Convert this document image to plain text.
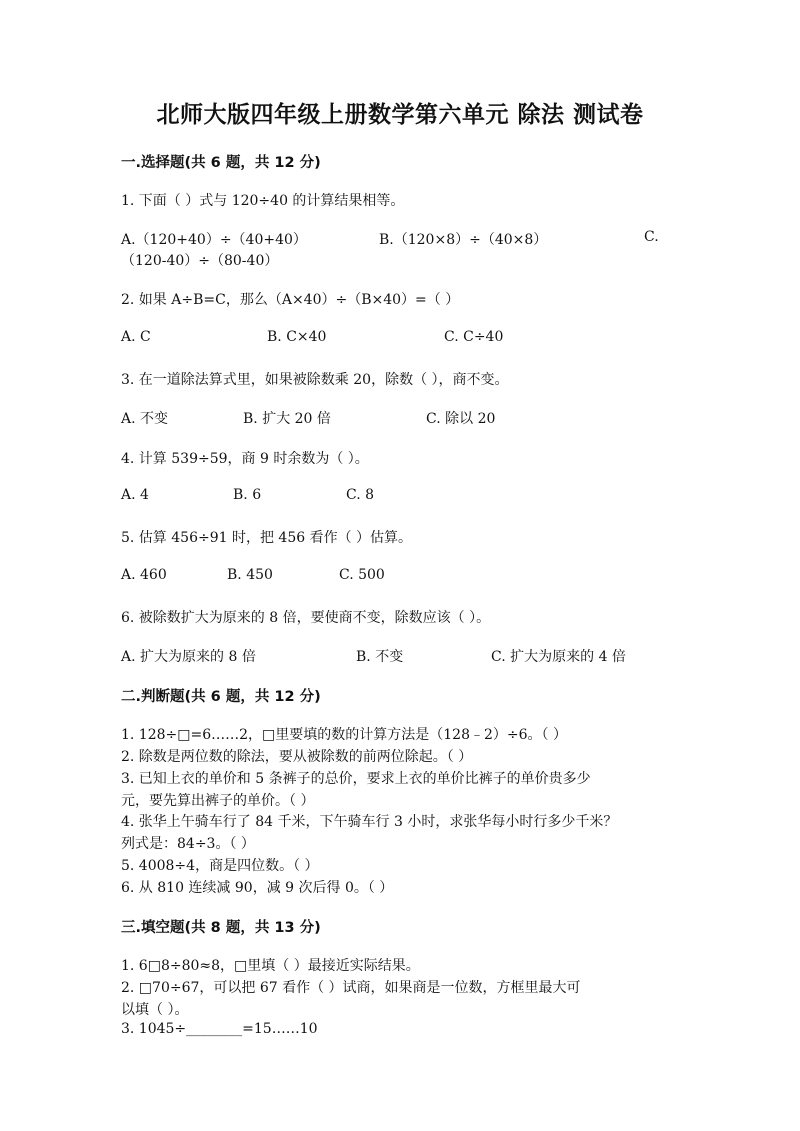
北师大版四年级上册数学第六单元 除法 测试卷
一.选择题(共 6 题，共 12 分)
1. 下面（ ）式与 120÷40 的计算结果相等。
A.（120+40）÷（40+40）	B.（120×8）÷（40×8）	C.
（120-40）÷（80-40）
2. 如果 A÷B=C，那么（A×40）÷（B×40）=（ ）
A. C	B. C×40	C. C÷40
3. 在一道除法算式里，如果被除数乘 20，除数（ ），商不变。
A. 不变	B. 扩大 20 倍	C. 除以 20
4. 计算 539÷59，商 9 时余数为（ ）。
A. 4	B. 6	C. 8
5. 估算 456÷91 时，把 456 看作（ ）估算。
A. 460	B. 450	C. 500
6. 被除数扩大为原来的 8 倍，要使商不变，除数应该（ ）。
A. 扩大为原来的 8 倍	B. 不变	C. 扩大为原来的 4 倍
二.判断题(共 6 题，共 12 分)
1. 128÷□=6……2，□里要填的数的计算方法是（128﹣2）÷6。（ ）
2. 除数是两位数的除法，要从被除数的前两位除起。（ ）
3. 已知上衣的单价和 5 条裤子的总价，要求上衣的单价比裤子的单价贵多少
元，要先算出裤子的单价。（ ）
4. 张华上午骑车行了 84 千米，下午骑车行 3 小时，求张华每小时行多少千米？
列式是：84÷3。（ ）
5. 4008÷4，商是四位数。（ ）
6. 从 810 连续减 90，减 9 次后得 0。（ ）
三.填空题(共 8 题，共 13 分)
1. 6□8÷80≈8，□里填（ ）最接近实际结果。
2. □70÷67，可以把 67 看作（ ）试商，如果商是一位数，方框里最大可
以填（ ）。
3. 1045÷________=15……10
